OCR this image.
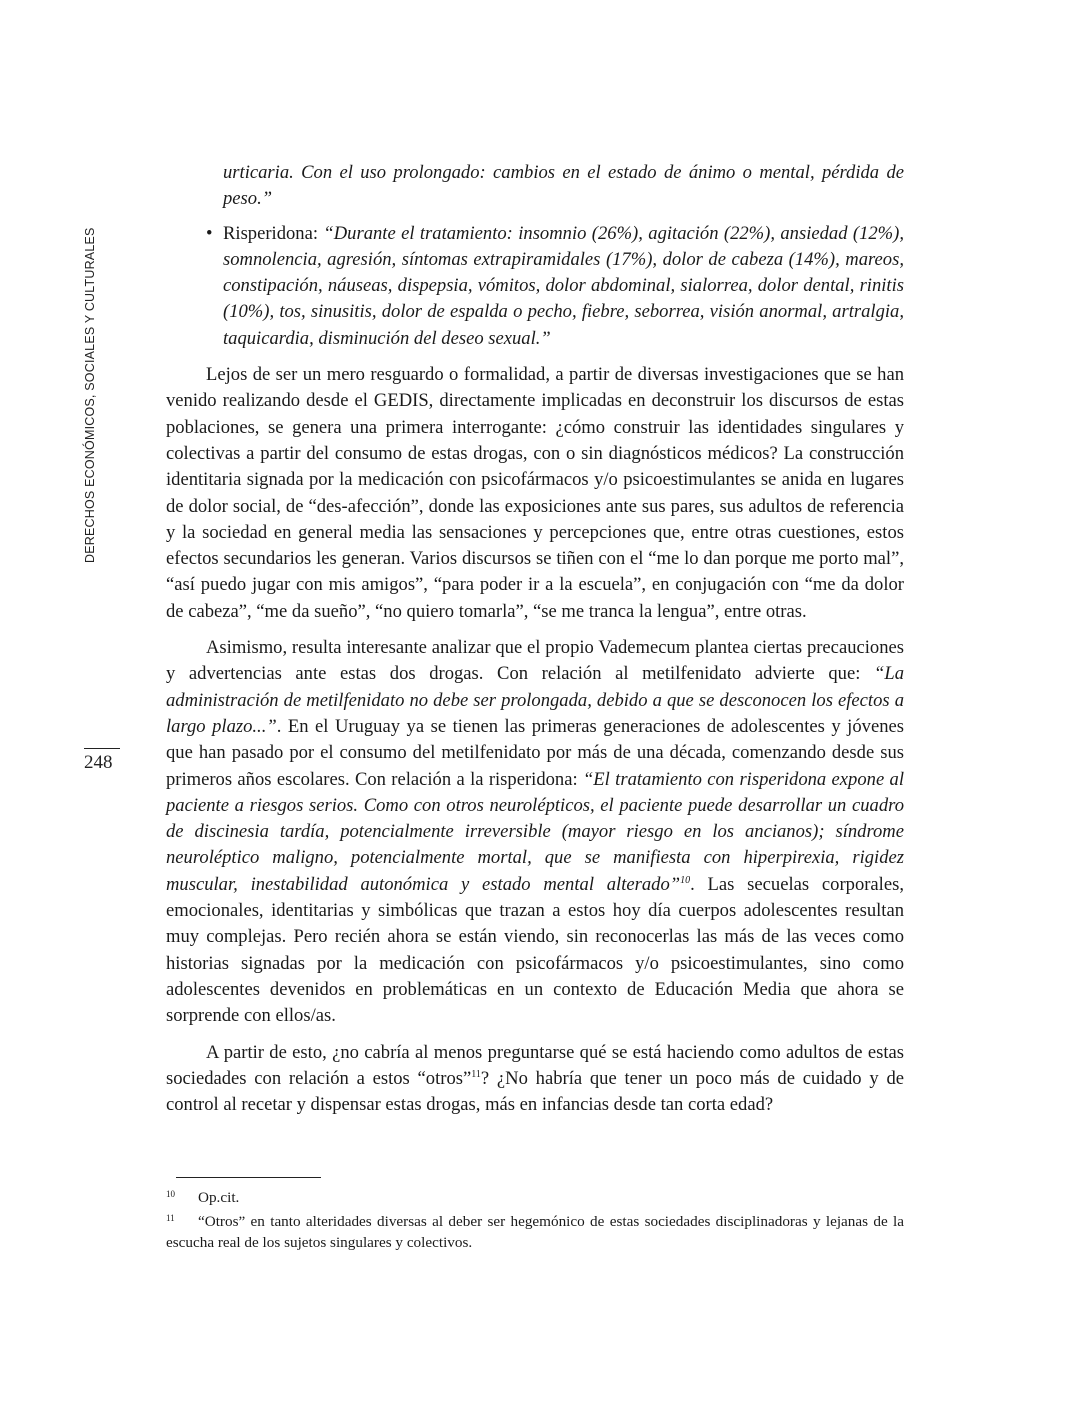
DERECHOS ECONÓMICOS, SOCIALES Y CULTURALES
248

urticaria. Con el uso prolongado: cambios en el estado de ánimo o mental, pérdida de peso.”

• Risperidona: “Durante el tratamiento: insomnio (26%), agitación (22%), ansiedad (12%), somnolencia, agresión, síntomas extrapiramidales (17%), dolor de cabeza (14%), mareos, constipación, náuseas, dispepsia, vómitos, dolor abdominal, sialorrea, dolor dental, rinitis (10%), tos, sinusitis, dolor de espalda o pecho, fiebre, seborrea, visión anormal, artralgia, taquicardia, disminución del deseo sexual.”

Lejos de ser un mero resguardo o formalidad, a partir de diversas investigaciones que se han venido realizando desde el GEDIS, directamente implicadas en deconstruir los discursos de estas poblaciones, se genera una primera interrogante: ¿cómo construir las identidades singulares y colectivas a partir del consumo de estas drogas, con o sin diagnósticos médicos? La construcción identitaria signada por la medicación con psicofármacos y/o psicoestimulantes se anida en lugares de dolor social, de “des-afección”, donde las exposiciones ante sus pares, sus adultos de referencia y la sociedad en general media las sensaciones y percepciones que, entre otras cuestiones, estos efectos secundarios les generan. Varios discursos se tiñen con el “me lo dan porque me porto mal”, “así puedo jugar con mis amigos”, “para poder ir a la escuela”, en conjugación con “me da dolor de cabeza”, “me da sueño”, “no quiero tomarla”, “se me tranca la lengua”, entre otras.

Asimismo, resulta interesante analizar que el propio Vademecum plantea ciertas precauciones y advertencias ante estas dos drogas. Con relación al metilfenidato advierte que: “La administración de metilfenidato no debe ser prolongada, debido a que se desconocen los efectos a largo plazo...”. En el Uruguay ya se tienen las primeras generaciones de adolescentes y jóvenes que han pasado por el consumo del metilfenidato por más de una década, comenzando desde sus primeros años escolares. Con relación a la risperidona: “El tratamiento con risperidona expone al paciente a riesgos serios. Como con otros neurolépticos, el paciente puede desarrollar un cuadro de discinesia tardía, potencialmente irreversible (mayor riesgo en los ancianos); síndrome neuroléptico maligno, potencialmente mortal, que se manifiesta con hiperpirexia, rigidez muscular, inestabilidad autonómica y estado mental alterado”$^{10}$. Las secuelas corporales, emocionales, identitarias y simbólicas que trazan a estos hoy día cuerpos adolescentes resultan muy complejas. Pero recién ahora se están viendo, sin reconocerlas las más de las veces como historias signadas por la medicación con psicofármacos y/o psicoestimulantes, sino como adolescentes devenidos en problemáticas en un contexto de Educación Media que ahora se sorprende con ellos/as.

A partir de esto, ¿no cabría al menos preguntarse qué se está haciendo como adultos de estas sociedades con relación a estos “otros”$^{11}$? ¿No habría que tener un poco más de cuidado y de control al recetar y dispensar estas drogas, más en infancias desde tan corta edad?

10 Op.cit.

11 “Otros” en tanto alteridades diversas al deber ser hegemónico de estas sociedades disciplinadoras y lejanas de la escucha real de los sujetos singulares y colectivos.
